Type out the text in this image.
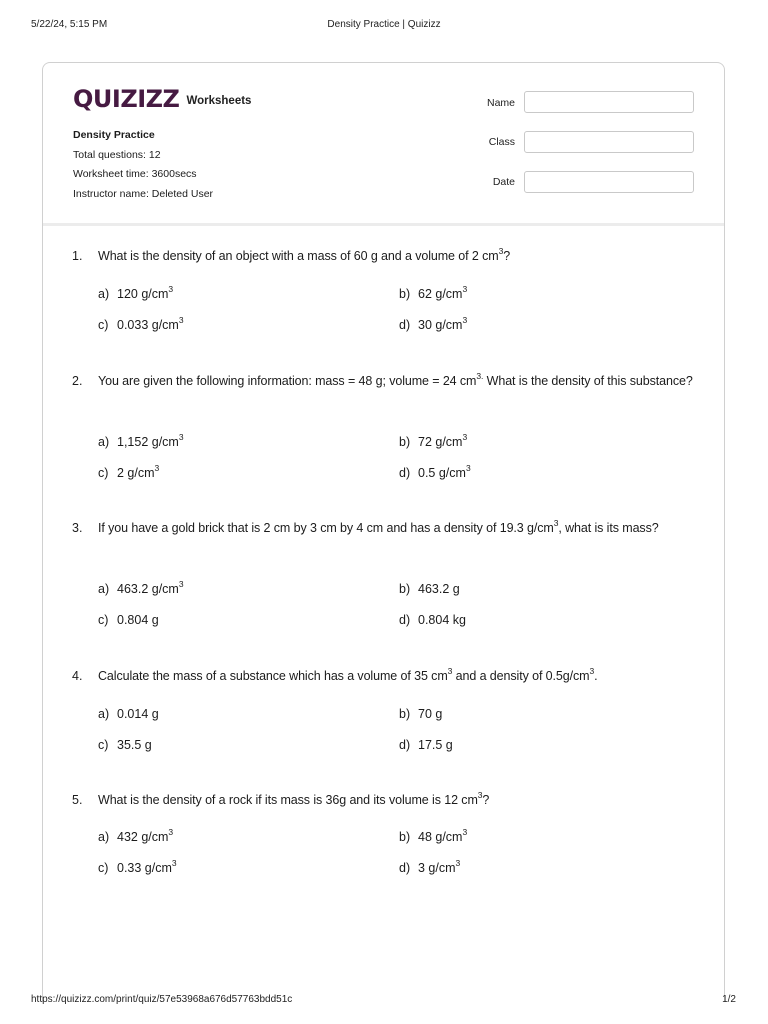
5/22/24, 5:15 PM	Density Practice | Quizizz
QUIZIZZ Worksheets
Density Practice
Total questions: 12
Worksheet time: 3600secs
Instructor name: Deleted User
Name
Class
Date
1. What is the density of an object with a mass of 60 g and a volume of 2 $cm^3$?
a) 120 $g/cm^3$	b) 62 $g/cm^3$
c) 0.033 $g/cm^3$	d) 30 $g/cm^3$
2. You are given the following information: mass = 48 g; volume = 24 $cm^{3.}$ What is the density of this substance?
a) 1,152 $g/cm^3$	b) 72 $g/cm^3$
c) 2 $g/cm^3$	d) 0.5 $g/cm^3$
3. If you have a gold brick that is 2 cm by 3 cm by 4 cm and has a density of 19.3 $g/cm^3$, what is its mass?
a) 463.2 $g/cm^3$	b) 463.2 g
c) 0.804 g	d) 0.804 kg
4. Calculate the mass of a substance which has a volume of 35 $cm^3$ and a density of $0.5g/cm^3$.
a) 0.014 g	b) 70 g
c) 35.5 g	d) 17.5 g
5. What is the density of a rock if its mass is 36g and its volume is 12 $cm^3$?
a) 432 $g/cm^3$	b) 48 $g/cm^3$
c) 0.33 $g/cm^3$	d) 3 $g/cm^3$
https://quizizz.com/print/quiz/57e53968a676d57763bdd51c	1/2
